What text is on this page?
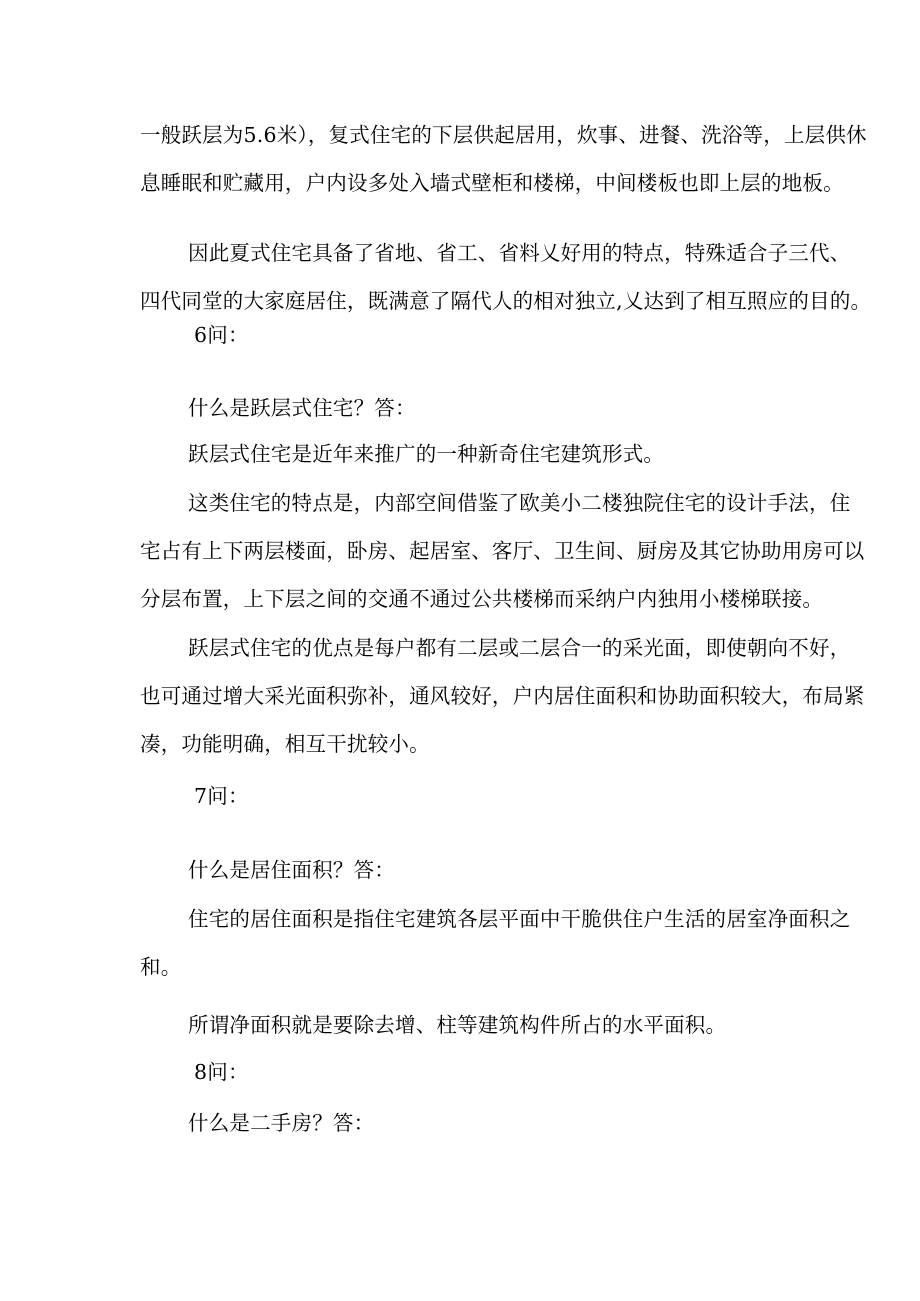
一般跃层为5.6米），复式住宅的下层供起居用，炊事、进餐、洗浴等，上层供休
息睡眠和贮藏用，户内设多处入墙式壁柜和楼梯，中间楼板也即上层的地板。
因此夏式住宅具备了省地、省工、省料乂好用的特点，特殊适合子三代、
四代同堂的大家庭居住，既满意了隔代人的相对独立,乂达到了相互照应的目的。
6问：
什么是跃层式住宅？答：
跃层式住宅是近年来推广的一种新奇住宅建筑形式。
这类住宅的特点是，内部空间借鉴了欧美小二楼独院住宅的设计手法，住
宅占有上下两层楼面，卧房、起居室、客厅、卫生间、厨房及其它协助用房可以
分层布置，上下层之间的交通不通过公共楼梯而采纳户内独用小楼梯联接。
跃层式住宅的优点是每户都有二层或二层合一的采光面，即使朝向不好，
也可通过增大采光面积弥补，通风较好，户内居住面积和协助面积较大，布局紧
凑，功能明确，相互干扰较小。
7问：
什么是居住面积？答：
住宅的居住面积是指住宅建筑各层平面中干脆供住户生活的居室净面积之
和。
所谓净面积就是要除去增、柱等建筑构件所占的水平面积。
8问：
什么是二手房？答：
